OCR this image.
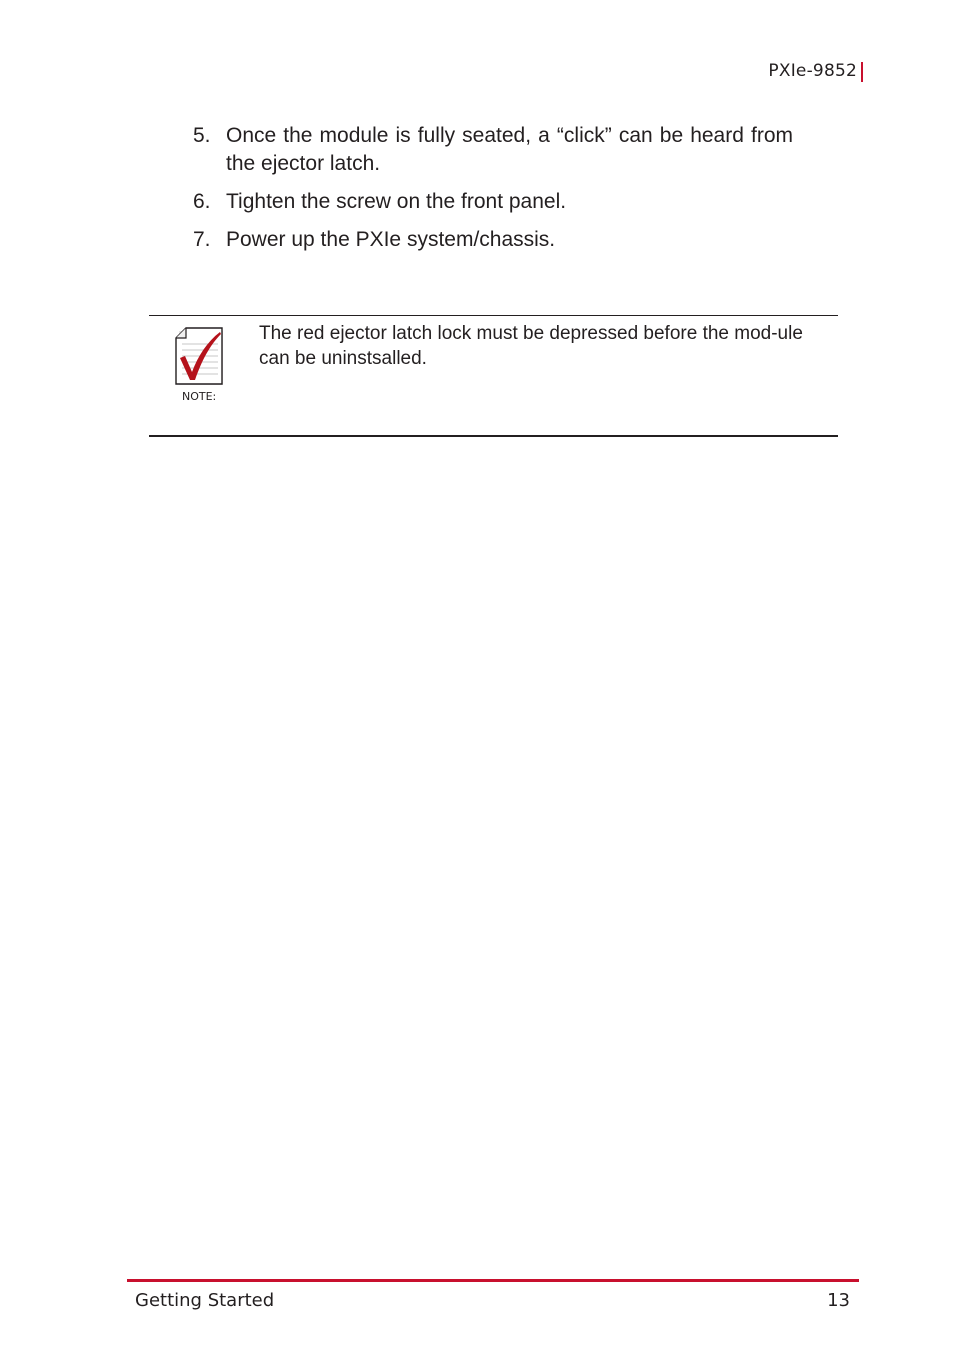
PXIe-9852
5. Once the module is fully seated, a “click” can be heard from the ejector latch.
6. Tighten the screw on the front panel.
7. Power up the PXIe system/chassis.
NOTE:
The red ejector latch lock must be depressed before the mod-ule can be uninstsalled.
Getting Started	13
